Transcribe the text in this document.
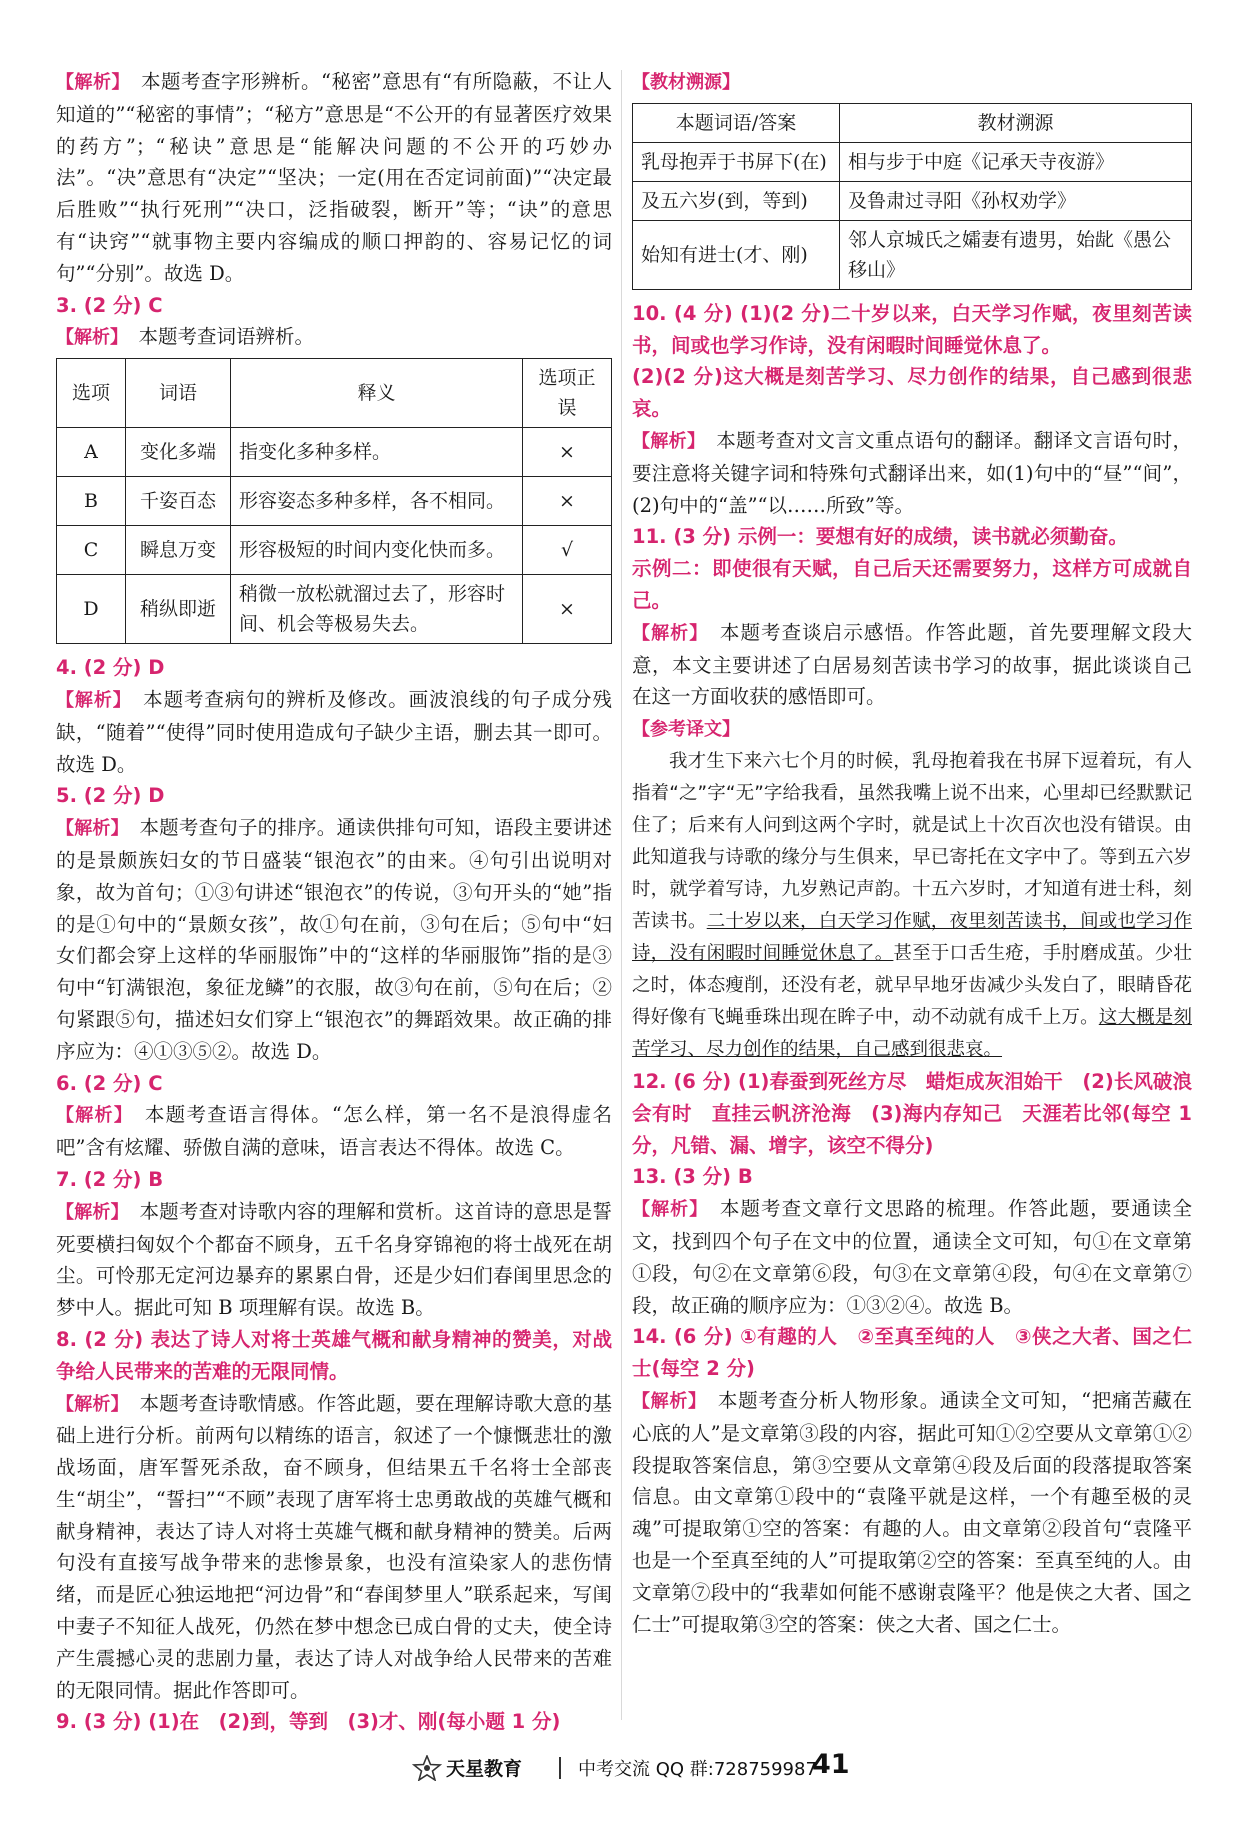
【解析】　 本题考查字形辨析。“秘密”意思有“有所隐蔽，不让人知道的”“秘密的事情”；“秘方”意思是“不公开的有显著医疗效果的药方”；“秘诀”意思是“能解决问题的不公开的巧妙办法”。“决”意思有“决定”“坚决；一定(用在否定词前面)”“决定最后胜败”“执行死刑”“决口，泛指破裂，断开”等；“诀”的意思有“诀窍”“就事物主要内容编成的顺口押韵的、容易记忆的词句”“分别”。故选 D。

3. (2 分) C

【解析】　 本题考查词语辨析。

选项	词语	释义	选项正误
A	变化多端	指变化多种多样。	×
B	千姿百态	形容姿态多种多样，各不相同。	×
C	瞬息万变	形容极短的时间内变化快而多。	√
D	稍纵即逝	稍微一放松就溜过去了，形容时间、机会等极易失去。	×

4. (2 分) D

【解析】　 本题考查病句的辨析及修改。画波浪线的句子成分残缺，“随着”“使得”同时使用造成句子缺少主语，删去其一即可。故选 D。

5. (2 分) D

【解析】　 本题考查句子的排序。通读供排句可知，语段主要讲述的是景颇族妇女的节日盛装“银泡衣”的由来。④句引出说明对象，故为首句；①③句讲述“银泡衣”的传说，③句开头的“她”指的是①句中的“景颇女孩”，故①句在前，③句在后；⑤句中“妇女们都会穿上这样的华丽服饰”中的“这样的华丽服饰”指的是③句中“钉满银泡，象征龙鳞”的衣服，故③句在前，⑤句在后；②句紧跟⑤句，描述妇女们穿上“银泡衣”的舞蹈效果。故正确的排序应为：④①③⑤②。故选 D。

6. (2 分) C

【解析】　 本题考查语言得体。“怎么样，第一名不是浪得虚名吧”含有炫耀、骄傲自满的意味，语言表达不得体。故选 C。

7. (2 分) B

【解析】　 本题考查对诗歌内容的理解和赏析。这首诗的意思是誓死要横扫匈奴个个都奋不顾身，五千名身穿锦袍的将士战死在胡尘。可怜那无定河边暴弃的累累白骨，还是少妇们春闺里思念的梦中人。据此可知 B 项理解有误。故选 B。

8. (2 分) 表达了诗人对将士英雄气概和献身精神的赞美，对战争给人民带来的苦难的无限同情。

【解析】　 本题考查诗歌情感。作答此题，要在理解诗歌大意的基础上进行分析。前两句以精练的语言，叙述了一个慷慨悲壮的激战场面，唐军誓死杀敌，奋不顾身，但结果五千名将士全部丧生“胡尘”，“誓扫”“不顾”表现了唐军将士忠勇敢战的英雄气概和献身精神，表达了诗人对将士英雄气概和献身精神的赞美。后两句没有直接写战争带来的悲惨景象，也没有渲染家人的悲伤情绪，而是匠心独运地把“河边骨”和“春闺梦里人”联系起来，写闺中妻子不知征人战死，仍然在梦中想念已成白骨的丈夫，使全诗产生震撼心灵的悲剧力量，表达了诗人对战争给人民带来的苦难的无限同情。据此作答即可。

9. (3 分) (1)在　(2)到，等到　(3)才、刚(每小题 1 分)

【教材溯源】

本题词语/答案	教材溯源
乳母抱弄于书屏下(在)	相与步于中庭《记承天寺夜游》
及五六岁(到，等到)	及鲁肃过寻阳《孙权劝学》
始知有进士(才、刚)	邻人京城氏之孀妻有遗男，始龀《愚公移山》

10. (4 分) (1)(2 分)二十岁以来，白天学习作赋，夜里刻苦读书，间或也学习作诗，没有闲暇时间睡觉休息了。

(2)(2 分)这大概是刻苦学习、尽力创作的结果，自己感到很悲哀。

【解析】　 本题考查对文言文重点语句的翻译。翻译文言语句时，要注意将关键字词和特殊句式翻译出来，如(1)句中的“昼”“间”，(2)句中的“盖”“以……所致”等。

11. (3 分) 示例一：要想有好的成绩，读书就必须勤奋。

示例二：即使很有天赋，自己后天还需要努力，这样方可成就自己。

【解析】　 本题考查谈启示感悟。作答此题，首先要理解文段大意，本文主要讲述了白居易刻苦读书学习的故事，据此谈谈自己在这一方面收获的感悟即可。

【参考译文】

我才生下来六七个月的时候，乳母抱着我在书屏下逗着玩，有人指着“之”字“无”字给我看，虽然我嘴上说不出来，心里却已经默默记住了；后来有人问到这两个字时，就是试上十次百次也没有错误。由此知道我与诗歌的缘分与生俱来，早已寄托在文字中了。等到五六岁时，就学着写诗，九岁熟记声韵。十五六岁时，才知道有进士科，刻苦读书。二十岁以来，白天学习作赋，夜里刻苦读书，间或也学习作诗，没有闲暇时间睡觉休息了。甚至于口舌生疮，手肘磨成茧。少壮之时，体态瘦削，还没有老，就早早地牙齿减少头发白了，眼睛昏花得好像有飞蝇垂珠出现在眸子中，动不动就有成千上万。这大概是刻苦学习、尽力创作的结果，自己感到很悲哀。

12. (6 分) (1)春蚕到死丝方尽　蜡炬成灰泪始干　(2)长风破浪会有时　直挂云帆济沧海　(3)海内存知己　天涯若比邻(每空 1 分，凡错、漏、增字，该空不得分)

13. (3 分) B

【解析】　 本题考查文章行文思路的梳理。作答此题，要通读全文，找到四个句子在文中的位置，通读全文可知，句①在文章第①段，句②在文章第⑥段，句③在文章第④段，句④在文章第⑦段，故正确的顺序应为：①③②④。故选 B。

14. (6 分) ①有趣的人　②至真至纯的人　③侠之大者、国之仁士(每空 2 分)

【解析】　 本题考查分析人物形象。通读全文可知，“把痛苦藏在心底的人”是文章第③段的内容，据此可知①②空要从文章第①②段提取答案信息，第③空要从文章第④段及后面的段落提取答案信息。由文章第①段中的“袁隆平就是这样，一个有趣至极的灵魂”可提取第①空的答案：有趣的人。由文章第②段首句“袁隆平也是一个至真至纯的人”可提取第②空的答案：至真至纯的人。由文章第⑦段中的“我辈如何能不感谢袁隆平？他是侠之大者、国之仁士”可提取第③空的答案：侠之大者、国之仁士。

天星教育	中考交流 QQ 群:728759987
41
